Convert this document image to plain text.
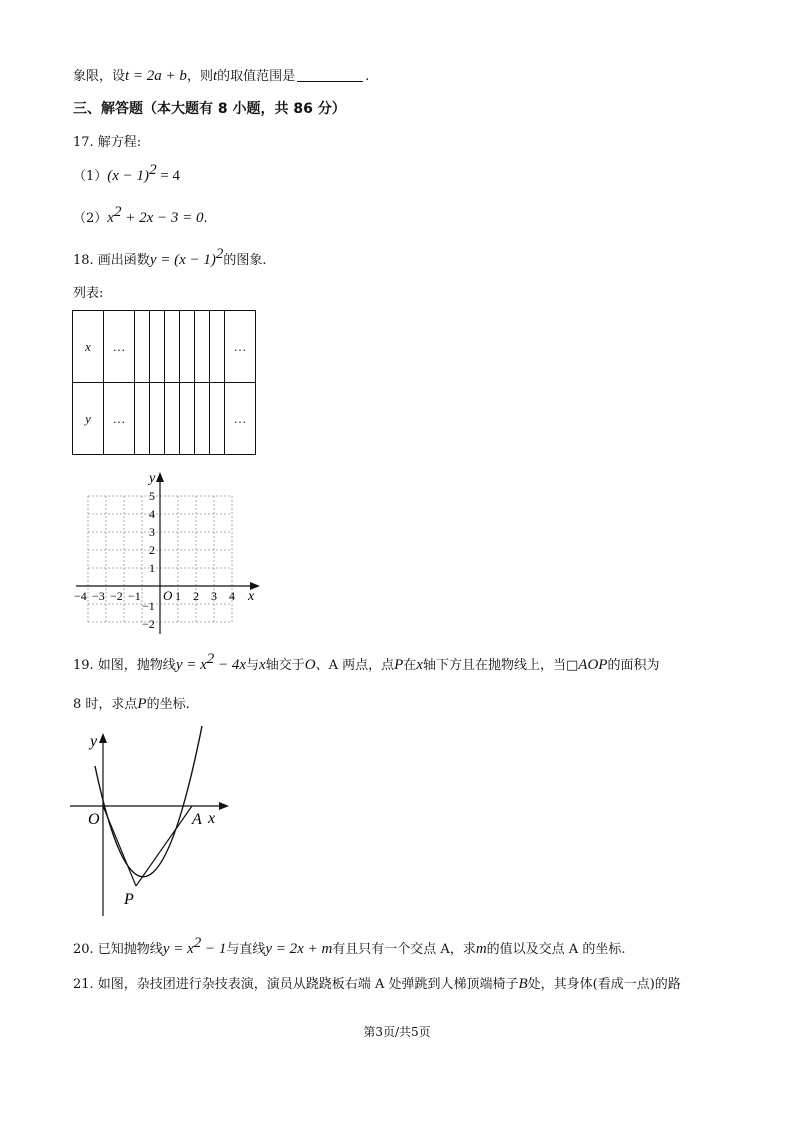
象限，设t = 2a + b，则t的取值范围是	.
三、解答题（本大题有 8 小题，共 86 分）
17. 解方程:
$(1)(x - 1)^2 = 4$
$(2)x^2 + 2x - 3 = 0$.
18. 画出函数$y = (x - 1)^2$的图象.
列表:
x	…							…
y	…							…
y
x
O
−4 −3 −2 −1	1 2 3 4
5
4
3
2
1
−1
−2
19. 如图，抛物线$y = x^2 - 4x$与x轴交于O、A 两点，点P在x轴下方且在抛物线上，当□AOP的面积为
8 时，求点P的坐标.
y
x
O	A
P
20. 已知抛物线$y = x^2 - 1$与直线y = 2x + m有且只有一个交点 A，求m的值以及交点 A 的坐标.
21. 如图，杂技团进行杂技表演，演员从跷跷板右端 A 处弹跳到人梯顶端椅子B处，其身体(看成一点)的路
第3页/共5页
